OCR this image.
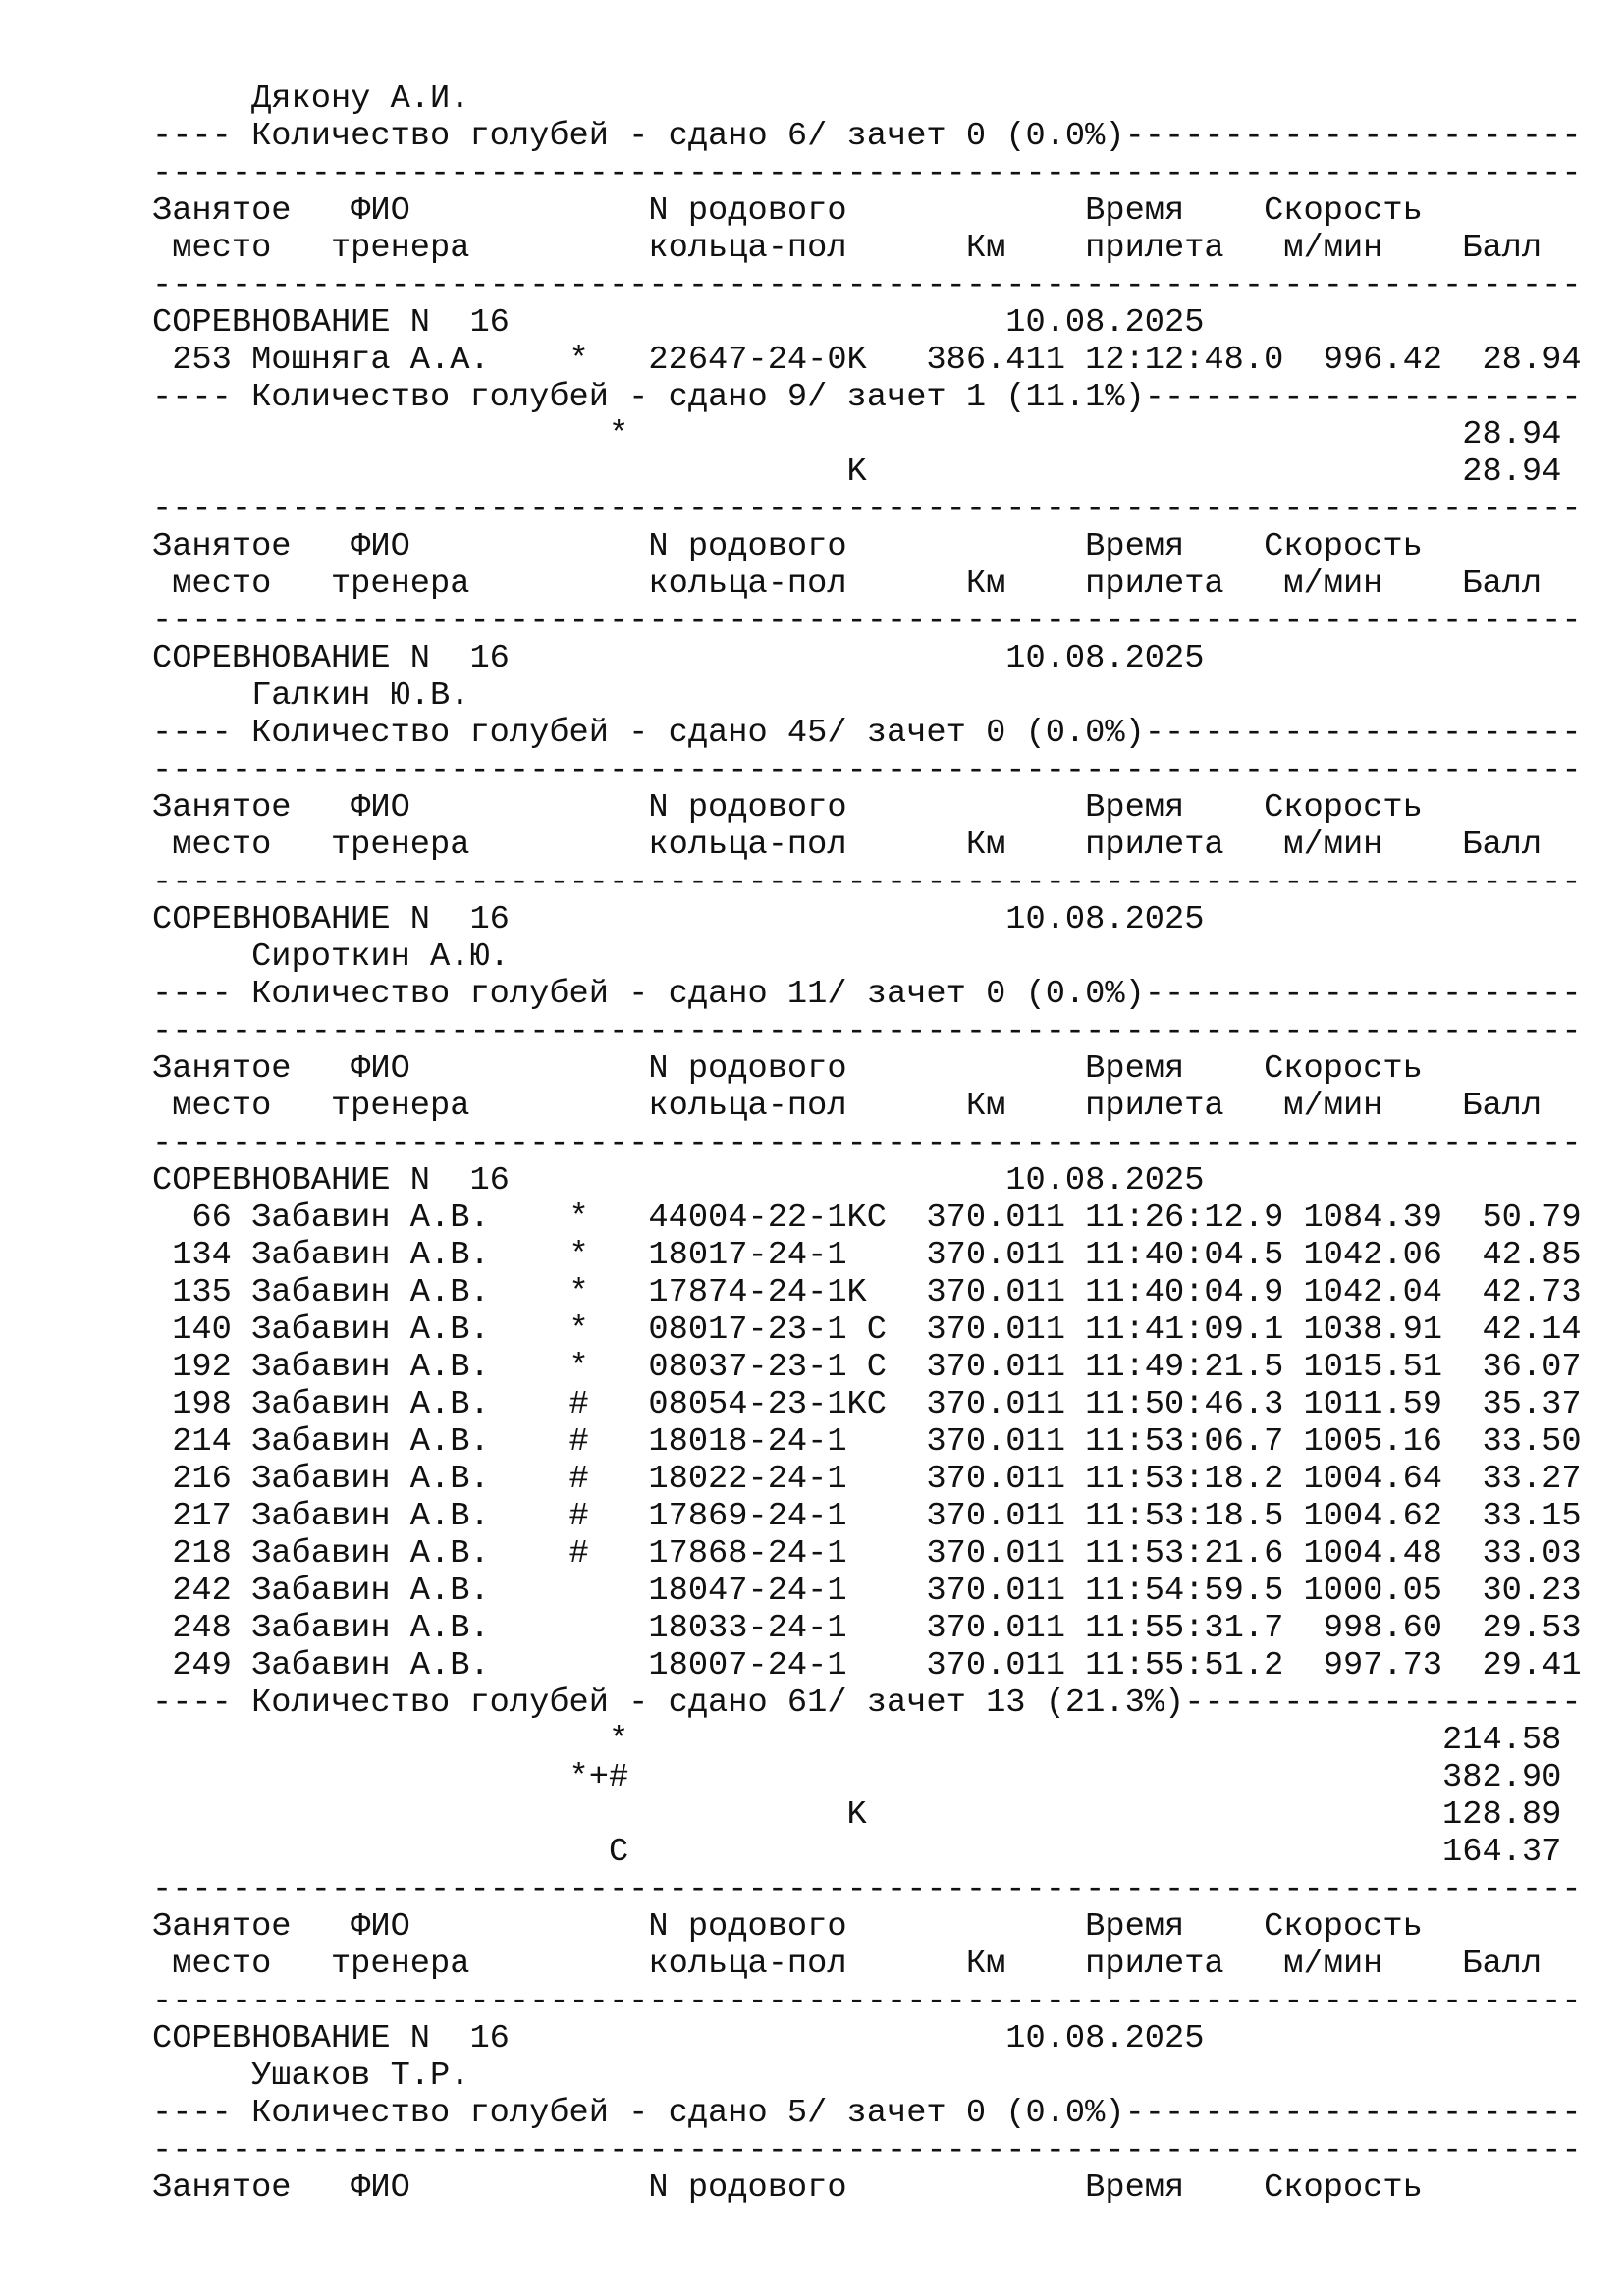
Дякону А.И.
---- Количество голубей - сдано 6/ зачет 0 (0.0%)-----------------------
------------------------------------------------------------------------
Занятое   ФИО            N родового            Время    Скорость
место   тренера         кольца-пол      Км    прилета   м/мин    Балл
------------------------------------------------------------------------
СОРЕВНОВАНИЕ N  16                         10.08.2025
253 Мошняга А.А.    *   22647-24-0K   386.411 12:12:48.0  996.42  28.94
---- Количество голубей - сдано 9/ зачет 1 (11.1%)----------------------
*                                          28.94
K                              28.94
------------------------------------------------------------------------
Занятое   ФИО            N родового            Время    Скорость
место   тренера         кольца-пол      Км    прилета   м/мин    Балл
------------------------------------------------------------------------
СОРЕВНОВАНИЕ N  16                         10.08.2025
Галкин Ю.В.
---- Количество голубей - сдано 45/ зачет 0 (0.0%)----------------------
------------------------------------------------------------------------
Занятое   ФИО            N родового            Время    Скорость
место   тренера         кольца-пол      Км    прилета   м/мин    Балл
------------------------------------------------------------------------
СОРЕВНОВАНИЕ N  16                         10.08.2025
Сироткин А.Ю.
---- Количество голубей - сдано 11/ зачет 0 (0.0%)----------------------
------------------------------------------------------------------------
Занятое   ФИО            N родового            Время    Скорость
место   тренера         кольца-пол      Км    прилета   м/мин    Балл
------------------------------------------------------------------------
СОРЕВНОВАНИЕ N  16                         10.08.2025
66 Забавин А.В.    *   44004-22-1KC  370.011 11:26:12.9 1084.39  50.79
134 Забавин А.В.    *   18017-24-1    370.011 11:40:04.5 1042.06  42.85
135 Забавин А.В.    *   17874-24-1K   370.011 11:40:04.9 1042.04  42.73
140 Забавин А.В.    *   08017-23-1 C  370.011 11:41:09.1 1038.91  42.14
192 Забавин А.В.    *   08037-23-1 C  370.011 11:49:21.5 1015.51  36.07
198 Забавин А.В.    #   08054-23-1KC  370.011 11:50:46.3 1011.59  35.37
214 Забавин А.В.    #   18018-24-1    370.011 11:53:06.7 1005.16  33.50
216 Забавин А.В.    #   18022-24-1    370.011 11:53:18.2 1004.64  33.27
217 Забавин А.В.    #   17869-24-1    370.011 11:53:18.5 1004.62  33.15
218 Забавин А.В.    #   17868-24-1    370.011 11:53:21.6 1004.48  33.03
242 Забавин А.В.        18047-24-1    370.011 11:54:59.5 1000.05  30.23
248 Забавин А.В.        18033-24-1    370.011 11:55:31.7  998.60  29.53
249 Забавин А.В.        18007-24-1    370.011 11:55:51.2  997.73  29.41
---- Количество голубей - сдано 61/ зачет 13 (21.3%)--------------------
*                                         214.58
*+#                                         382.90
K                             128.89
C                                         164.37
------------------------------------------------------------------------
Занятое   ФИО            N родового            Время    Скорость
место   тренера         кольца-пол      Км    прилета   м/мин    Балл
------------------------------------------------------------------------
СОРЕВНОВАНИЕ N  16                         10.08.2025
Ушаков Т.Р.
---- Количество голубей - сдано 5/ зачет 0 (0.0%)-----------------------
------------------------------------------------------------------------
Занятое   ФИО            N родового            Время    Скорость
